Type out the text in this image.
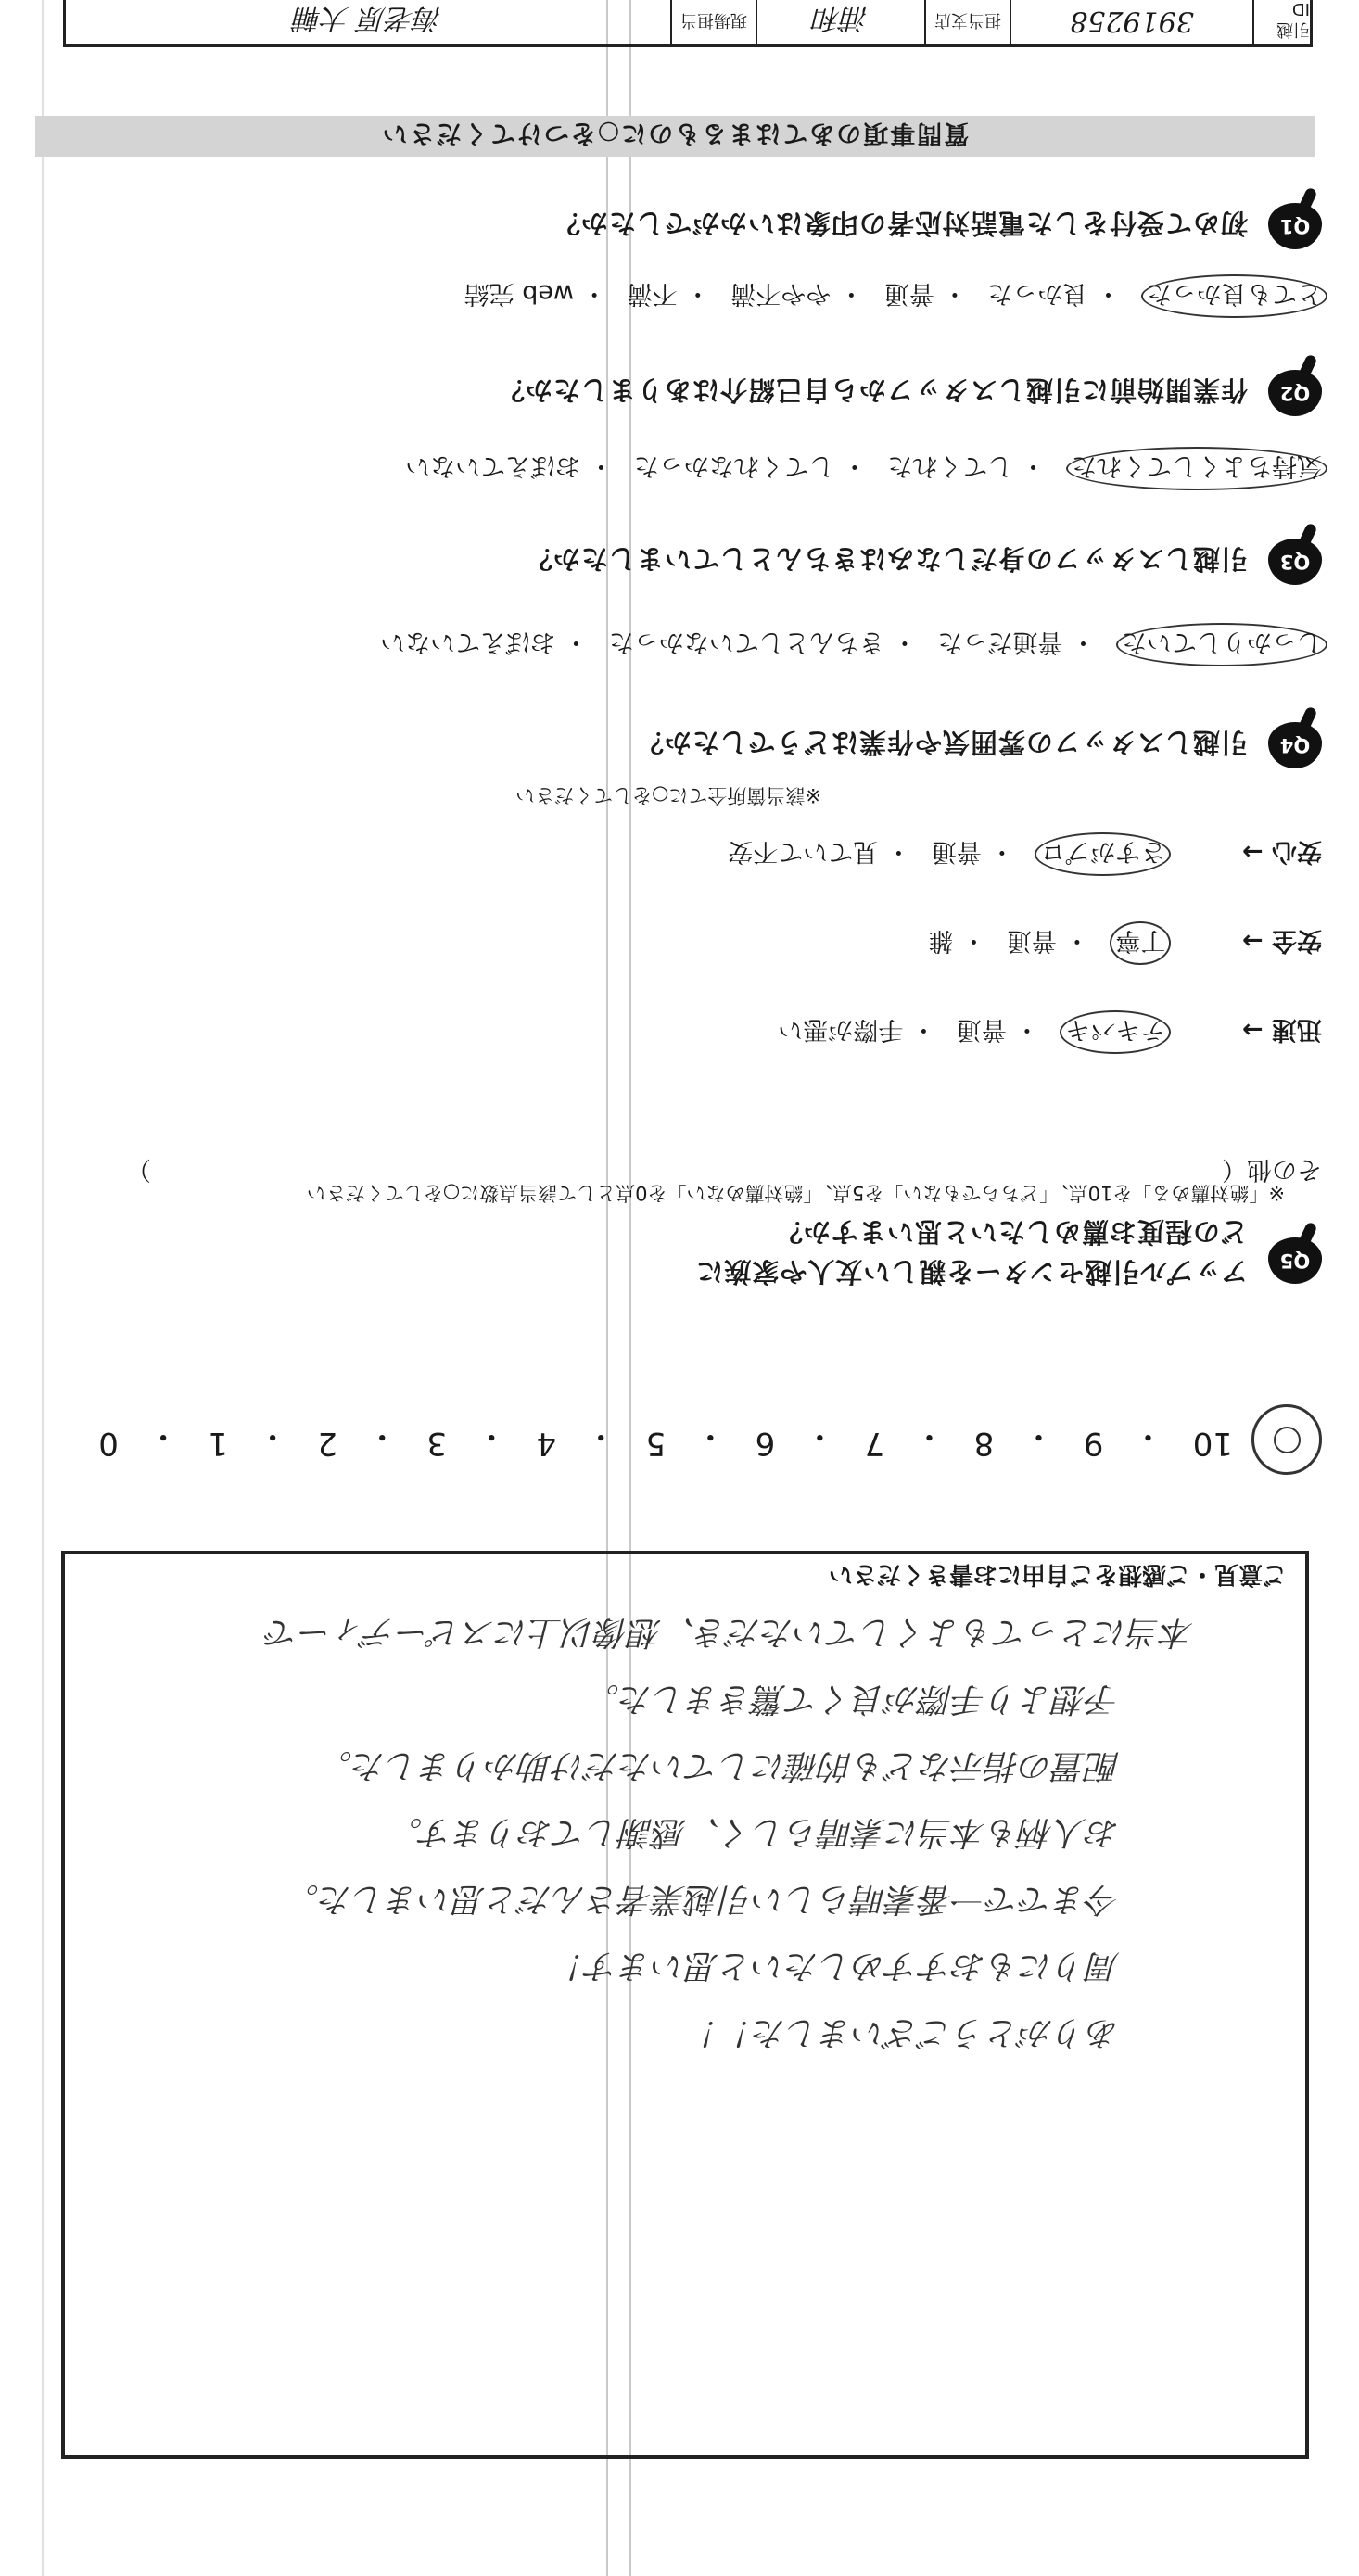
質問事項のあてはまるものに○をつけてください
Q1
初めて受付をした電話対応者の印象はいかがでしたか？
とても良かった・ 良かった・ 普通・ やや不満・ 不満・ web 完結
Q2
作業開始前に引越しスタッフから自己紹介はありましたか？
気持ちよくしてくれた・ してくれた・ してくれなかった・ おぼえていない
Q3
引越しスタッフの身だしなみはきちんとしていましたか？
しっかりしていた・ 普通だった・ きちんとしていなかった・ おぼえていない
Q4
引越しスタッフの雰囲気や作業はどうでしたか？
※該当箇所全てに○をしてください
安心 → さすがプロ・ 普通・ 見ていて不安
安全 → 丁寧・ 普通・ 雑
迅速 → テキパキ・ 普通・ 手際が悪い
その他（
）
Q5
アップル引越センターを親しい友人や家族に
どの程度お薦めしたいと思いますか？
※「絶対薦める」を10点、「どちらでもない」を5点、「絶対薦めない」を0点として該当点数に○をしてください
10
・
9
・
8
・
7
・
6
・
5
・
4
・
3
・
2
・
1
・
0
ご意見・ご感想をご自由にお書きください
本当にとってもよくしていただき、想像以上にスピーディーで
予想より手際が良くて驚きました。
配置の指示なども的確にしていただけ助かりました。
お人柄も本当に素晴らしく、感謝しております。
今までで一番素晴らしい引越業者さんだと思いました。
周りにもおすすめしたいと思います！
ありがとうございました！！
引越 ID
3919258
担当支店
浦和
現場担当
海老原 大輔
